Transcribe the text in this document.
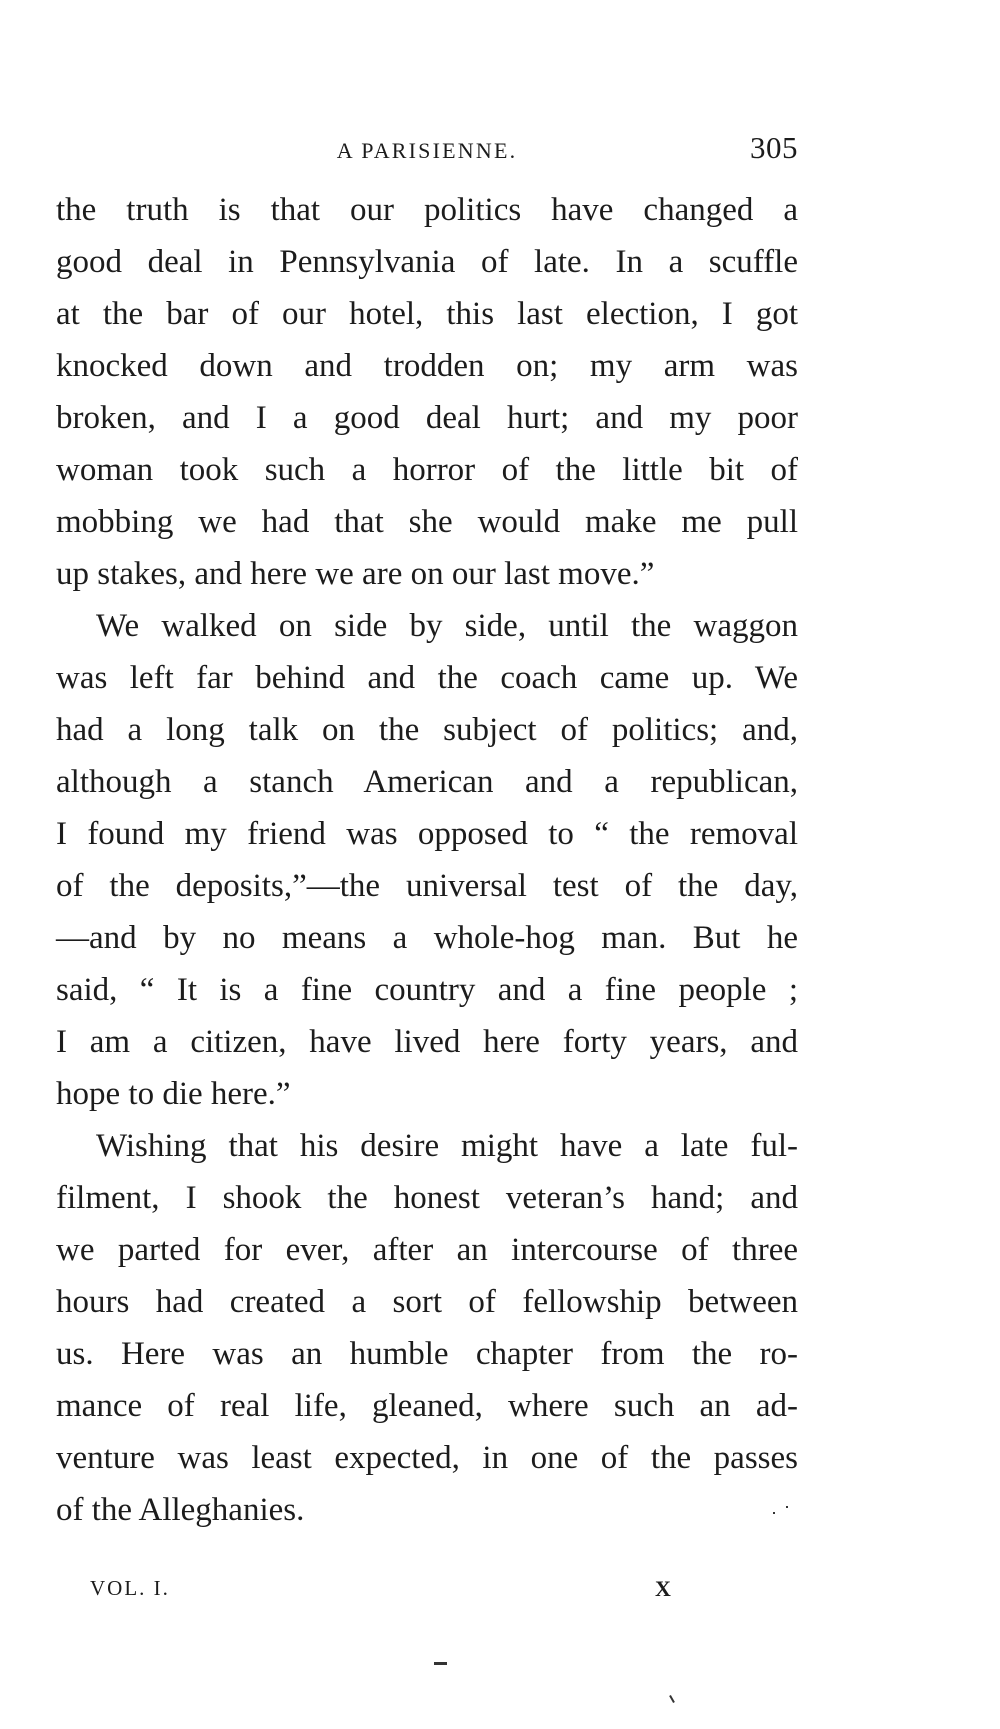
A PARISIENNE.	305
the truth is that our politics have changed a
good deal in Pennsylvania of late. In a scuffle
at the bar of our hotel, this last election, I got
knocked down and trodden on; my arm was
broken, and I a good deal hurt; and my poor
woman took such a horror of the little bit of
mobbing we had that she would make me pull
up stakes, and here we are on our last move.”
We walked on side by side, until the waggon
was left far behind and the coach came up. We
had a long talk on the subject of politics; and,
although a stanch American and a republican,
I found my friend was opposed to “ the removal
of the deposits,”—the universal test of the day,
—and by no means a whole-hog man. But he
said, “ It is a fine country and a fine people ;
I am a citizen, have lived here forty years, and
hope to die here.”
Wishing that his desire might have a late ful-
filment, I shook the honest veteran’s hand; and
we parted for ever, after an intercourse of three
hours had created a sort of fellowship between
us. Here was an humble chapter from the ro-
mance of real life, gleaned, where such an ad-
venture was least expected, in one of the passes
of the Alleghanies.
VOL. I.	X
